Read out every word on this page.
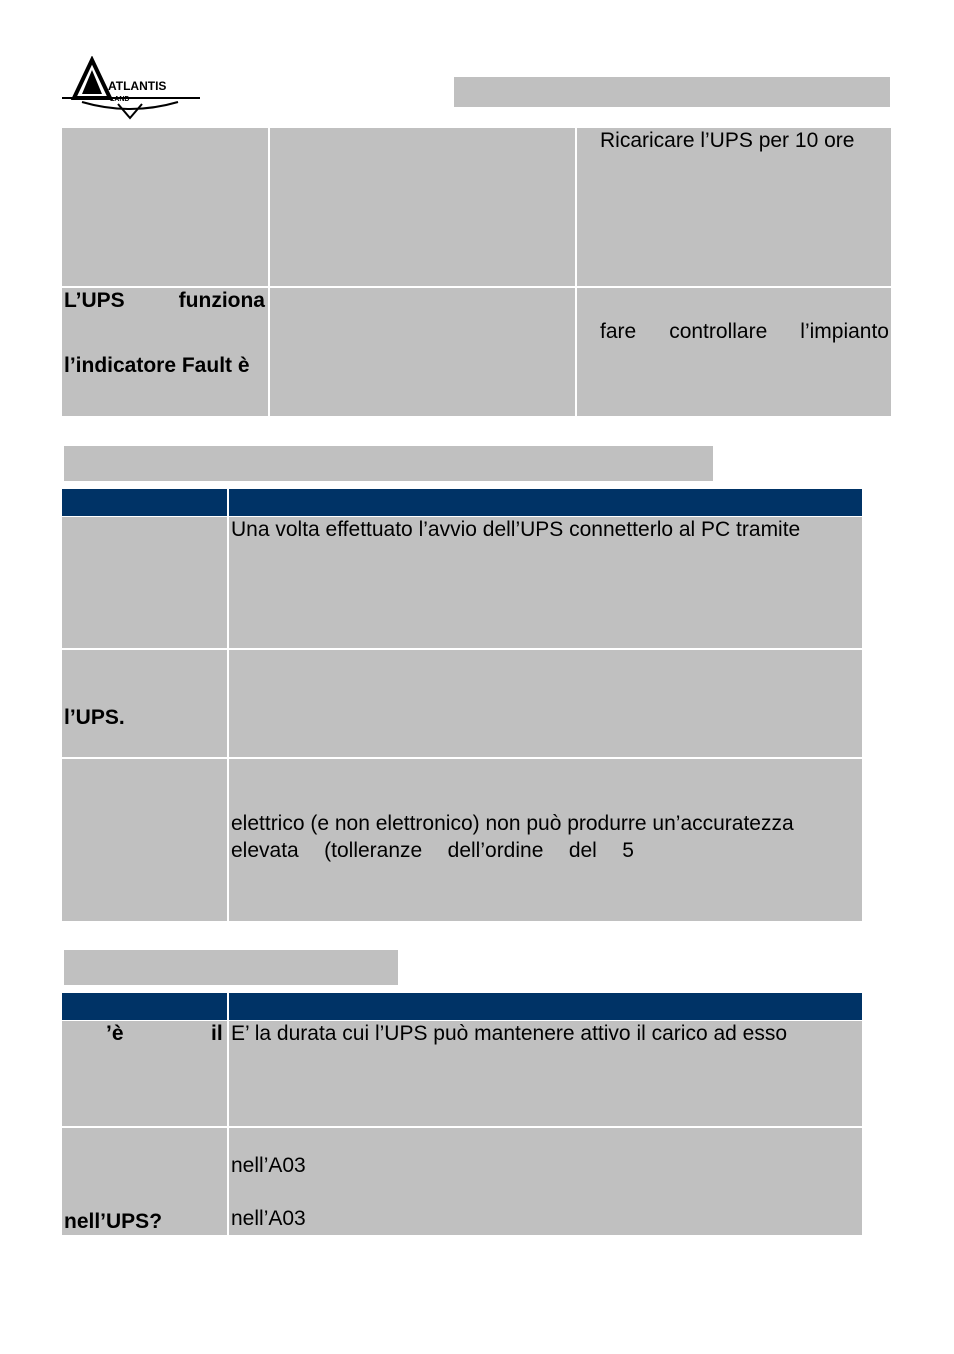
ATLANTIS
LAND
Ricaricare l’UPS per 10 ore
L’UPS	funziona
l’indicatore Fault è
fare controllare l’impianto
Una volta effettuato l’avvio dell’UPS connetterlo al PC tramite
l’UPS.
elettrico (e non elettronico) non può produrre un’accuratezza
elevata (tolleranze dell’ordine del 5
’è	il E’ la durata cui l’UPS può mantenere attivo il carico ad esso
nell’UPS?
nell’A03
nell’A03
